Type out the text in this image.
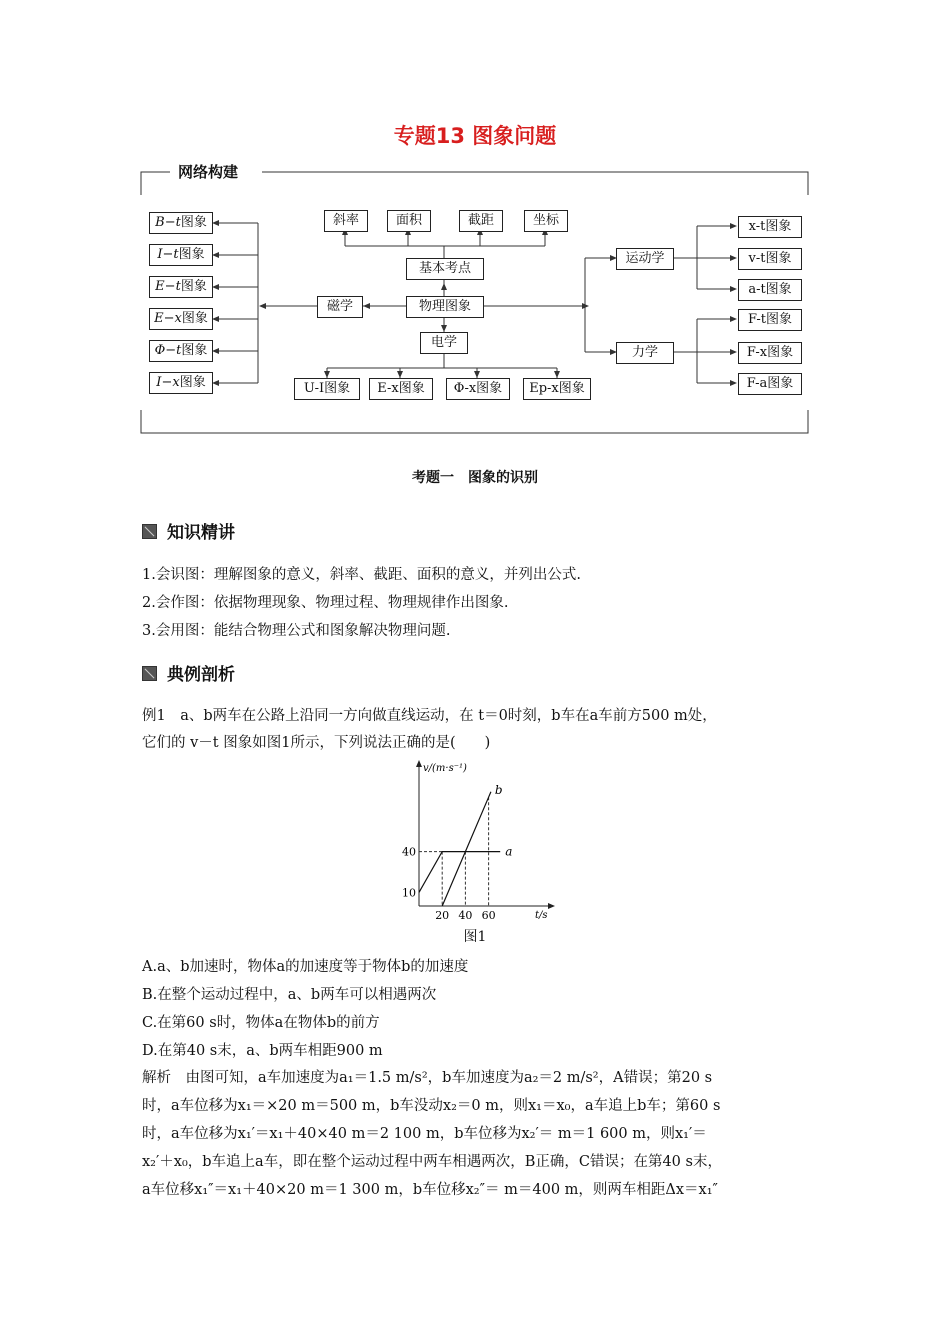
专题13 图象问题
网络构建
斜率	面积	截距	坐标
基本考点
物理图象
磁学
电学
B−t图象
I−t图象
E−t图象
E−x图象
Φ−t图象
I−x图象	U-I图象	E-x图象	Φ-x图象	Ep-x图象
运动学
力学
x-t图象
v-t图象
a-t图象
F-t图象
F-x图象
F-a图象
考题一　图象的识别
知识精讲
1.会识图：理解图象的意义，斜率、截距、面积的意义，并列出公式.
2.会作图：依据物理现象、物理过程、物理规律作出图象.
3.会用图：能结合物理公式和图象解决物理问题.
典例剖析
例1　a、b两车在公路上沿同一方向做直线运动，在 t＝0时刻，b车在a车前方500 m处，
它们的 v－t 图象如图1所示，下列说法正确的是(　　)
v/(m·s⁻¹)
t/s
20 40 60
10
40	a
b
图1
A.a、b加速时，物体a的加速度等于物体b的加速度
B.在整个运动过程中，a、b两车可以相遇两次
C.在第60 s时，物体a在物体b的前方
D.在第40 s末，a、b两车相距900 m
解析　由图可知，a车加速度为a₁＝1.5 m/s²，b车加速度为a₂＝2 m/s²，A错误；第20 s
时，a车位移为x₁＝×20 m＝500 m，b车没动x₂＝0 m，则x₁＝x₀，a车追上b车；第60 s
时，a车位移为x₁′＝x₁＋40×40 m＝2 100 m，b车位移为x₂′＝ m＝1 600 m，则x₁′＝
x₂′＋x₀，b车追上a车，即在整个运动过程中两车相遇两次，B正确，C错误；在第40 s末，
a车位移x₁″＝x₁＋40×20 m＝1 300 m，b车位移x₂″＝ m＝400 m，则两车相距Δx＝x₁″
